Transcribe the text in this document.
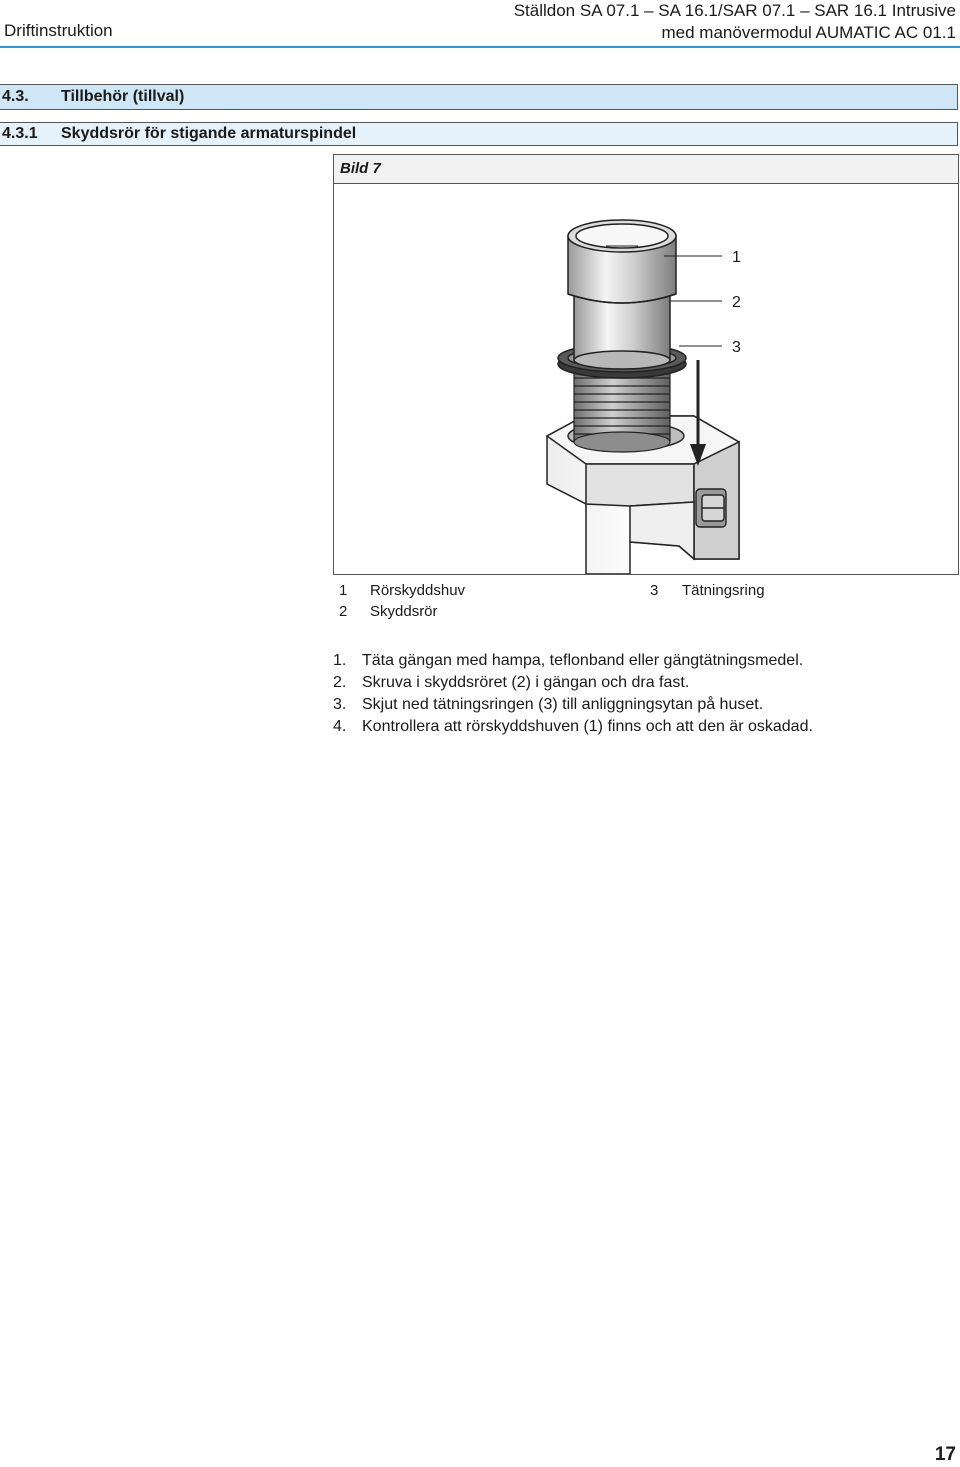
Driftinstruktion
Ställdon SA 07.1 – SA 16.1/SAR 07.1 – SAR 16.1 Intrusive
med manövermodul AUMATIC AC 01.1
4.3. Tillbehör (tillval)
4.3.1 Skyddsrör för stigande armaturspindel
Bild 7
1
2
3
1 Rörskyddshuv
2 Skyddsrör
3 Tätningsring
1. Täta gängan med hampa, teflonband eller gängtätningsmedel.
2. Skruva i skyddsröret (2) i gängan och dra fast.
3. Skjut ned tätningsringen (3) till anliggningsytan på huset.
4. Kontrollera att rörskyddshuven (1) finns och att den är oskadad.
17
